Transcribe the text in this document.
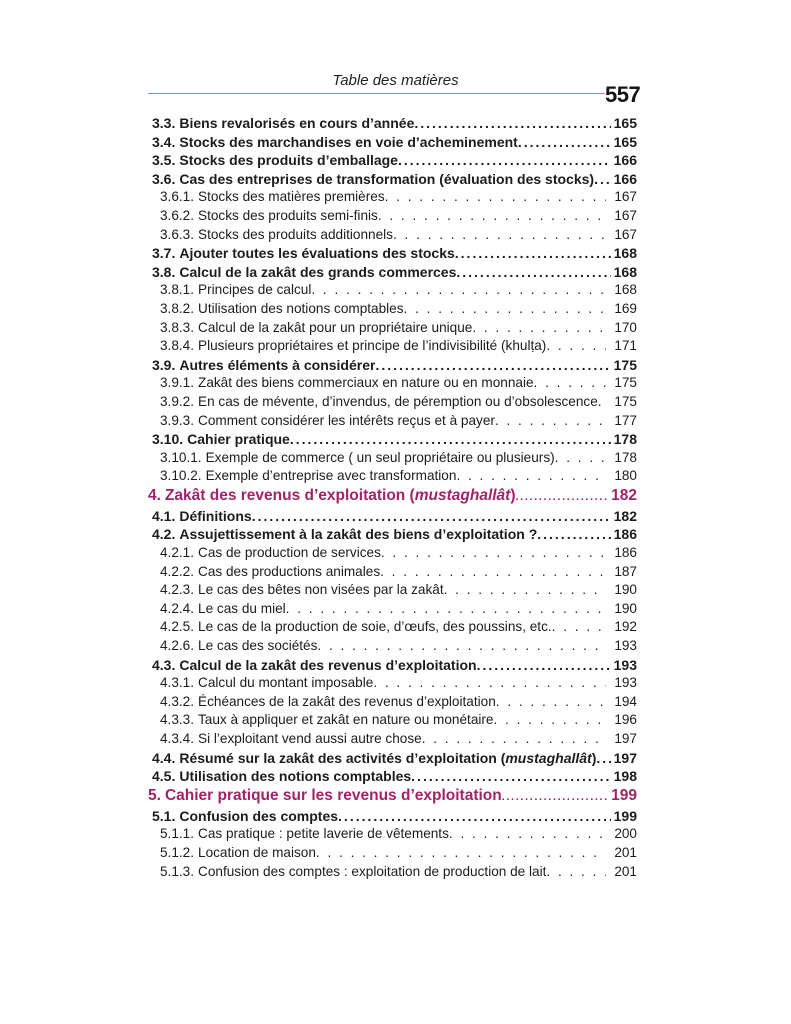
Table des matières
557
3.3. Biens revalorisés en cours d’année .....	165
3.4. Stocks des marchandises en voie d’acheminement .....	165
3.5. Stocks des produits d’emballage .....	166
3.6. Cas des entreprises de transformation (évaluation des stocks) ..... 166
3.6.1. Stocks des matières premières . . .	167
3.6.2. Stocks des produits semi-finis . . .	167
3.6.3. Stocks des produits additionnels . . .	167
3.7. Ajouter toutes les évaluations des stocks .....	168
3.8. Calcul de la zakât des grands commerces .....	168
3.8.1. Principes de calcul . . .	168
3.8.2. Utilisation des notions comptables . . .	169
3.8.3. Calcul de la zakât pour un propriétaire unique . . .	170
3.8.4. Plusieurs propriétaires et principe de l’indivisibilité (khulṭa) . . .	171
3.9. Autres éléments à considérer .....	175
3.9.1. Zakât des biens commerciaux en nature ou en monnaie . . .	175
3.9.2. En cas de mévente, d’invendus, de péremption ou d’obsolescence . . .	175
3.9.3. Comment considérer les intérêts reçus et à payer . . .	177
3.10. Cahier pratique .....	178
3.10.1. Exemple de commerce ( un seul propriétaire ou plusieurs) . . .	178
3.10.2. Exemple d’entreprise avec transformation . . .	180
4. Zakât des revenus d’exploitation (mustaghallât) .....	182
4.1. Définitions .....	182
4.2. Assujettissement à la zakât des biens d’exploitation ? .....	186
4.2.1. Cas de production de services . . .	186
4.2.2. Cas des productions animales . . .	187
4.2.3. Le cas des bêtes non visées par la zakât . . .	190
4.2.4. Le cas du miel . . .	190
4.2.5. Le cas de la production de soie, d’œufs, des poussins, etc. . . .	192
4.2.6. Le cas des sociétés . . .	193
4.3. Calcul de la zakât des revenus d’exploitation .....	193
4.3.1. Calcul du montant imposable . . .	193
4.3.2. Échéances de la zakât des revenus d’exploitation . . .	194
4.3.3. Taux à appliquer et zakât en nature ou monétaire . . .	196
4.3.4. Si l’exploitant vend aussi autre chose . . .	197
4.4. Résumé sur la zakât des activités d’exploitation (mustaghallât) ..... 197
4.5. Utilisation des notions comptables .....	198
5. Cahier pratique sur les revenus d’exploitation .....	199
5.1. Confusion des comptes .....	199
5.1.1. Cas pratique : petite laverie de vêtements . . .	200
5.1.2. Location de maison . . .	201
5.1.3. Confusion des comptes : exploitation de production de lait . . .	201
